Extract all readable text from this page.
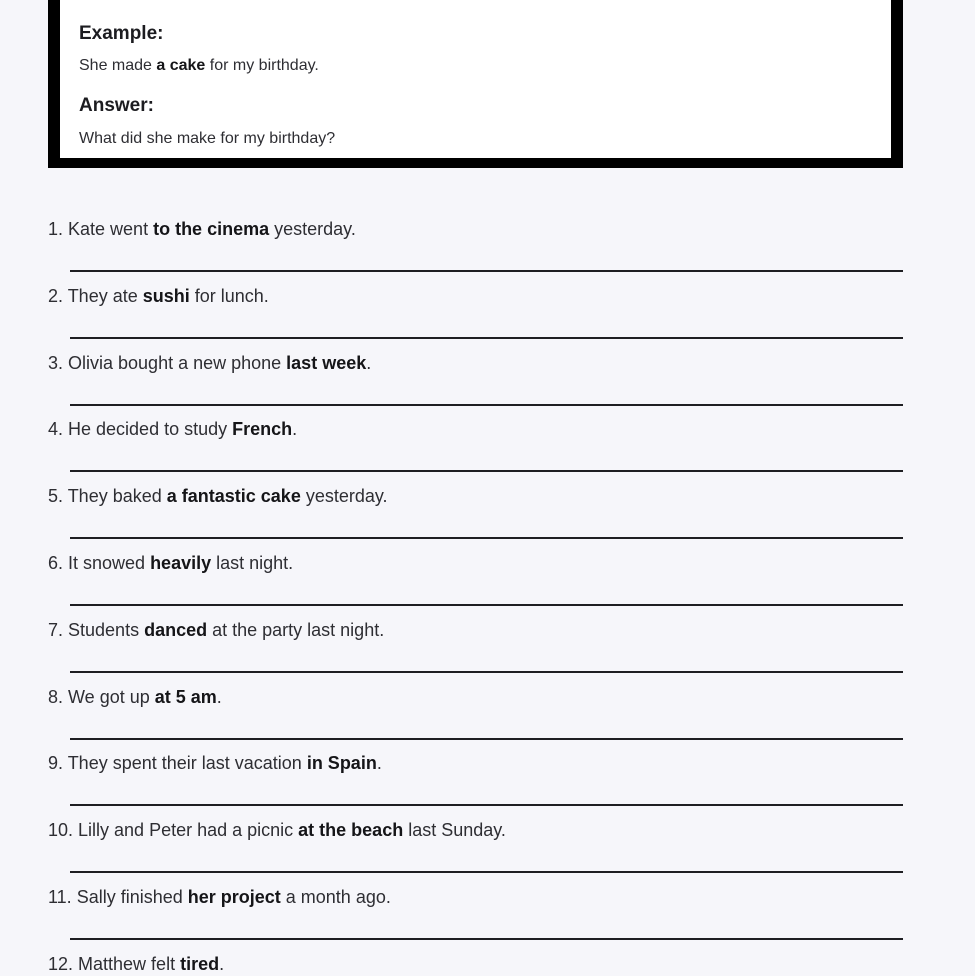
Example:

She made a cake for my birthday.

Answer:

What did she make for my birthday?

1. Kate went to the cinema yesterday.
2. They ate sushi for lunch.
3. Olivia bought a new phone last week.
4. He decided to study French.
5. They baked a fantastic cake yesterday.
6. It snowed heavily last night.
7. Students danced at the party last night.
8. We got up at 5 am.
9. They spent their last vacation in Spain.
10. Lilly and Peter had a picnic at the beach last Sunday.
11. Sally finished her project a month ago.
12. Matthew felt tired.
